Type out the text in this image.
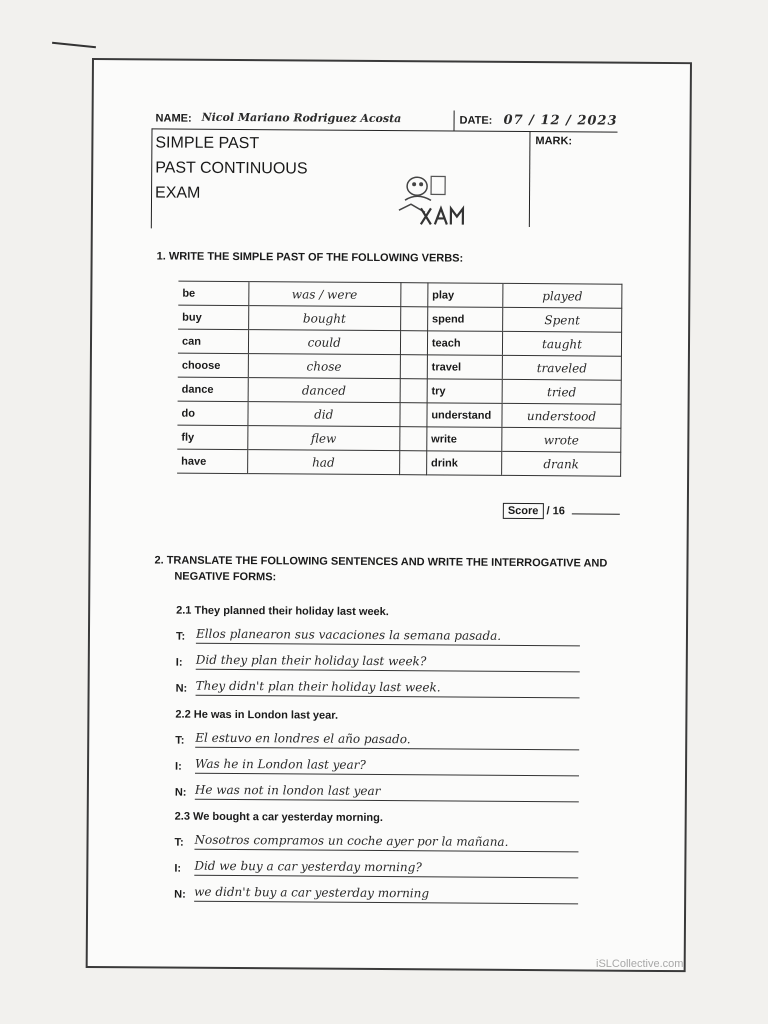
NAME: Nicol Mariano Rodriguez Acosta	DATE: 07 / 12 / 2023
SIMPLE PAST
PAST CONTINUOUS
EXAM
MARK:
1. WRITE THE SIMPLE PAST OF THE FOLLOWING VERBS:
be	was / were		play	played
buy	bought		spend	Spent
can	could		teach	taught
choose	chose		travel	traveled
dance	danced		try	tried
do	did		understand	understood
fly	flew		write	wrote
have	had		drink	drank
Score / 16
2. TRANSLATE THE FOLLOWING SENTENCES AND WRITE THE INTERROGATIVE AND
NEGATIVE FORMS:
2.1 They planned their holiday last week.
T: Ellos planearon sus vacaciones la semana pasada.
I: Did they plan their holiday last week?
N: They didn't plan their holiday last week.
2.2 He was in London last year.
T: El estuvo en londres el año pasado.
I: Was he in London last year?
N: He was not in london last year
2.3 We bought a car yesterday morning.
T: Nosotros compramos un coche ayer por la mañana.
I: Did we buy a car yesterday morning?
N: we didn't buy a car yesterday morning
iSLCollective.com
